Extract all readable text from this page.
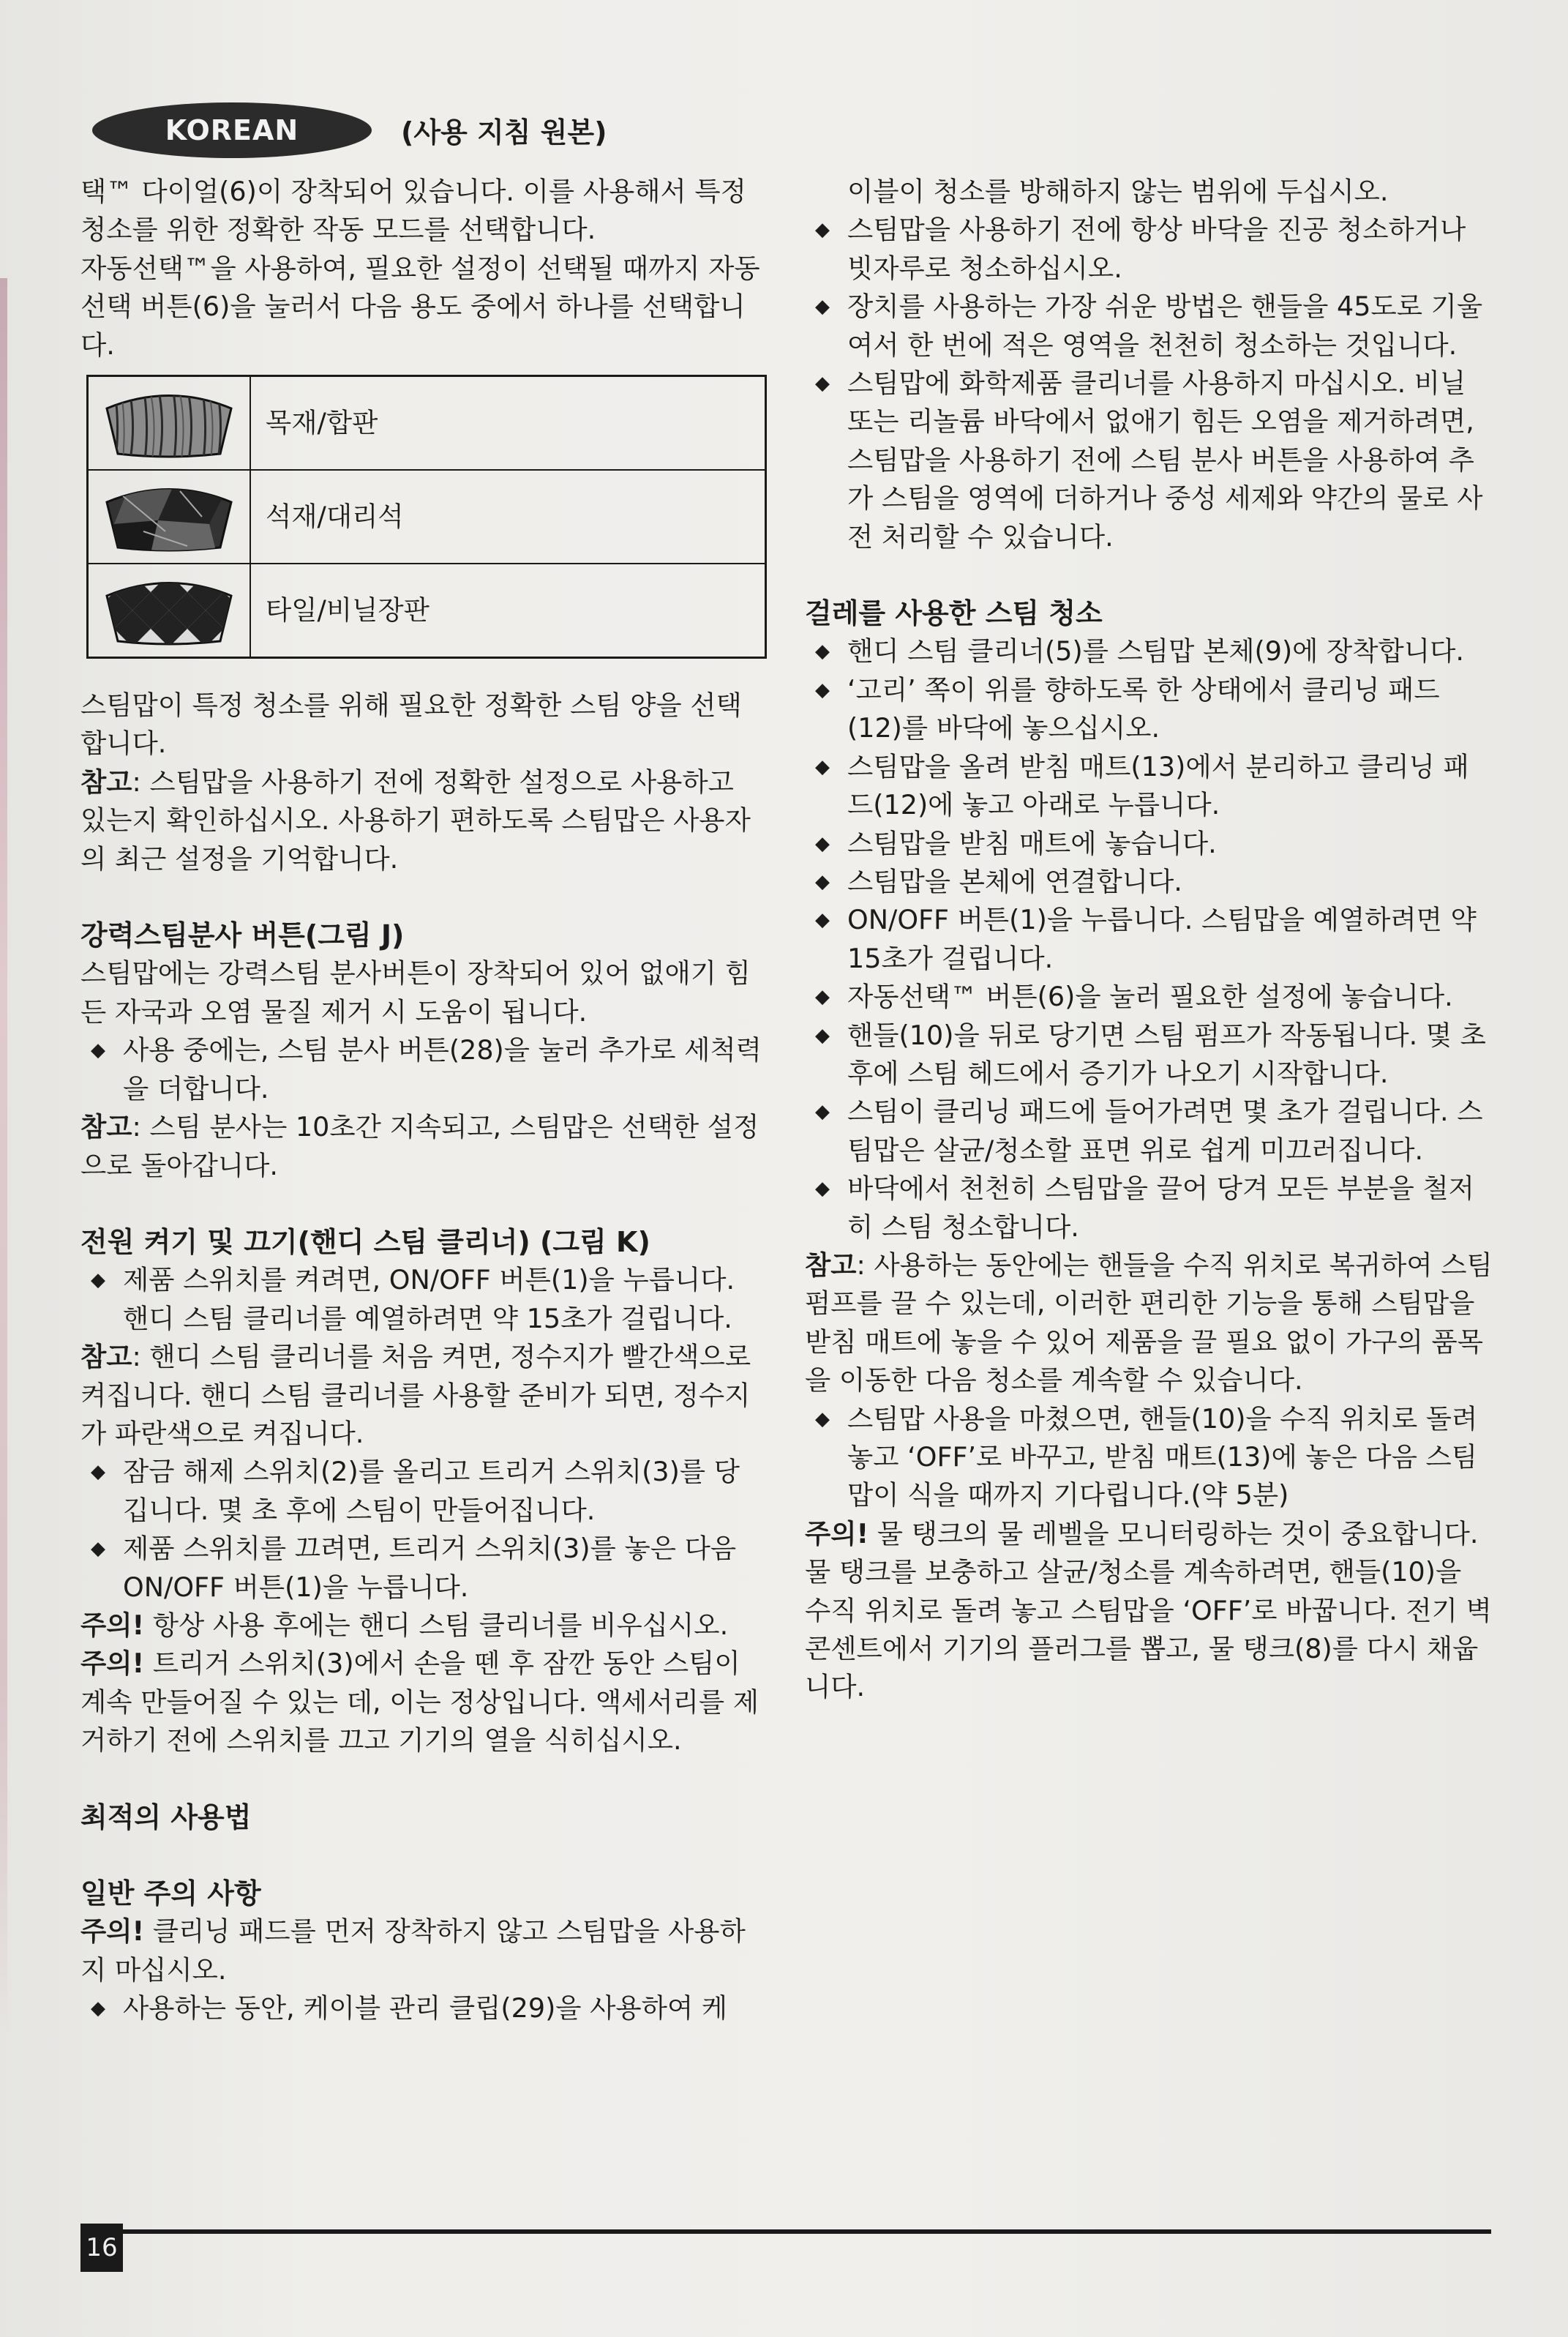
KOREAN	(사용 지침 원본)

택™ 다이얼(6)이 장착되어 있습니다. 이를 사용해서 특정 청소를 위한 정확한 작동 모드를 선택합니다.

자동선택™을 사용하여, 필요한 설정이 선택될 때까지 자동선택 버튼(6)을 눌러서 다음 용도 중에서 하나를 선택합니다.

	목재/합판

	석재/대리석

	타일/비닐장판

스팀맙이 특정 청소를 위해 필요한 정확한 스팀 양을 선택합니다.

참고: 스팀맙을 사용하기 전에 정확한 설정으로 사용하고 있는지 확인하십시오. 사용하기 편하도록 스팀맙은 사용자의 최근 설정을 기억합니다.

강력스팀분사 버튼(그림 J)

스팀맙에는 강력스팀 분사버튼이 장착되어 있어 없애기 힘든 자국과 오염 물질 제거 시 도움이 됩니다.

◆ 사용 중에는, 스팀 분사 버튼(28)을 눌러 추가로 세척력을 더합니다.

참고: 스팀 분사는 10초간 지속되고, 스팀맙은 선택한 설정으로 돌아갑니다.

전원 켜기 및 끄기(핸디 스팀 클리너) (그림 K)

◆ 제품 스위치를 켜려면, ON/OFF 버튼(1)을 누릅니다. 핸디 스팀 클리너를 예열하려면 약 15초가 걸립니다.

참고: 핸디 스팀 클리너를 처음 켜면, 정수지가 빨간색으로 켜집니다. 핸디 스팀 클리너를 사용할 준비가 되면, 정수지가 파란색으로 켜집니다.

◆ 잠금 해제 스위치(2)를 올리고 트리거 스위치(3)를 당깁니다. 몇 초 후에 스팀이 만들어집니다.

◆ 제품 스위치를 끄려면, 트리거 스위치(3)를 놓은 다음 ON/OFF 버튼(1)을 누릅니다.

주의! 항상 사용 후에는 핸디 스팀 클리너를 비우십시오.

주의! 트리거 스위치(3)에서 손을 뗀 후 잠깐 동안 스팀이 계속 만들어질 수 있는 데, 이는 정상입니다. 액세서리를 제거하기 전에 스위치를 끄고 기기의 열을 식히십시오.

최적의 사용법

일반 주의 사항

주의! 클리닝 패드를 먼저 장착하지 않고 스팀맙을 사용하지 마십시오.

◆ 사용하는 동안, 케이블 관리 클립(29)을 사용하여 케

이블이 청소를 방해하지 않는 범위에 두십시오.

◆ 스팀맙을 사용하기 전에 항상 바닥을 진공 청소하거나 빗자루로 청소하십시오.

◆ 장치를 사용하는 가장 쉬운 방법은 핸들을 45도로 기울여서 한 번에 적은 영역을 천천히 청소하는 것입니다.

◆ 스팀맙에 화학제품 클리너를 사용하지 마십시오. 비닐 또는 리놀륨 바닥에서 없애기 힘든 오염을 제거하려면, 스팀맙을 사용하기 전에 스팀 분사 버튼을 사용하여 추가 스팀을 영역에 더하거나 중성 세제와 약간의 물로 사전 처리할 수 있습니다.

걸레를 사용한 스팀 청소

◆ 핸디 스팀 클리너(5)를 스팀맙 본체(9)에 장착합니다.

◆ ‘고리’ 쪽이 위를 향하도록 한 상태에서 클리닝 패드(12)를 바닥에 놓으십시오.

◆ 스팀맙을 올려 받침 매트(13)에서 분리하고 클리닝 패드(12)에 놓고 아래로 누릅니다.

◆ 스팀맙을 받침 매트에 놓습니다.

◆ 스팀맙을 본체에 연결합니다.

◆ ON/OFF 버튼(1)을 누릅니다. 스팀맙을 예열하려면 약 15초가 걸립니다.

◆ 자동선택™ 버튼(6)을 눌러 필요한 설정에 놓습니다.

◆ 핸들(10)을 뒤로 당기면 스팀 펌프가 작동됩니다. 몇 초 후에 스팀 헤드에서 증기가 나오기 시작합니다.

◆ 스팀이 클리닝 패드에 들어가려면 몇 초가 걸립니다. 스팀맙은 살균/청소할 표면 위로 쉽게 미끄러집니다.

◆ 바닥에서 천천히 스팀맙을 끌어 당겨 모든 부분을 철저히 스팀 청소합니다.

참고: 사용하는 동안에는 핸들을 수직 위치로 복귀하여 스팀 펌프를 끌 수 있는데, 이러한 편리한 기능을 통해 스팀맙을 받침 매트에 놓을 수 있어 제품을 끌 필요 없이 가구의 품목을 이동한 다음 청소를 계속할 수 있습니다.

◆ 스팀맙 사용을 마쳤으면, 핸들(10)을 수직 위치로 돌려 놓고 ‘OFF’로 바꾸고, 받침 매트(13)에 놓은 다음 스팀맙이 식을 때까지 기다립니다.(약 5분)

주의! 물 탱크의 물 레벨을 모니터링하는 것이 중요합니다. 물 탱크를 보충하고 살균/청소를 계속하려면, 핸들(10)을 수직 위치로 돌려 놓고 스팀맙을 ‘OFF’로 바꿉니다. 전기 벽 콘센트에서 기기의 플러그를 뽑고, 물 탱크(8)를 다시 채웁니다.

16
